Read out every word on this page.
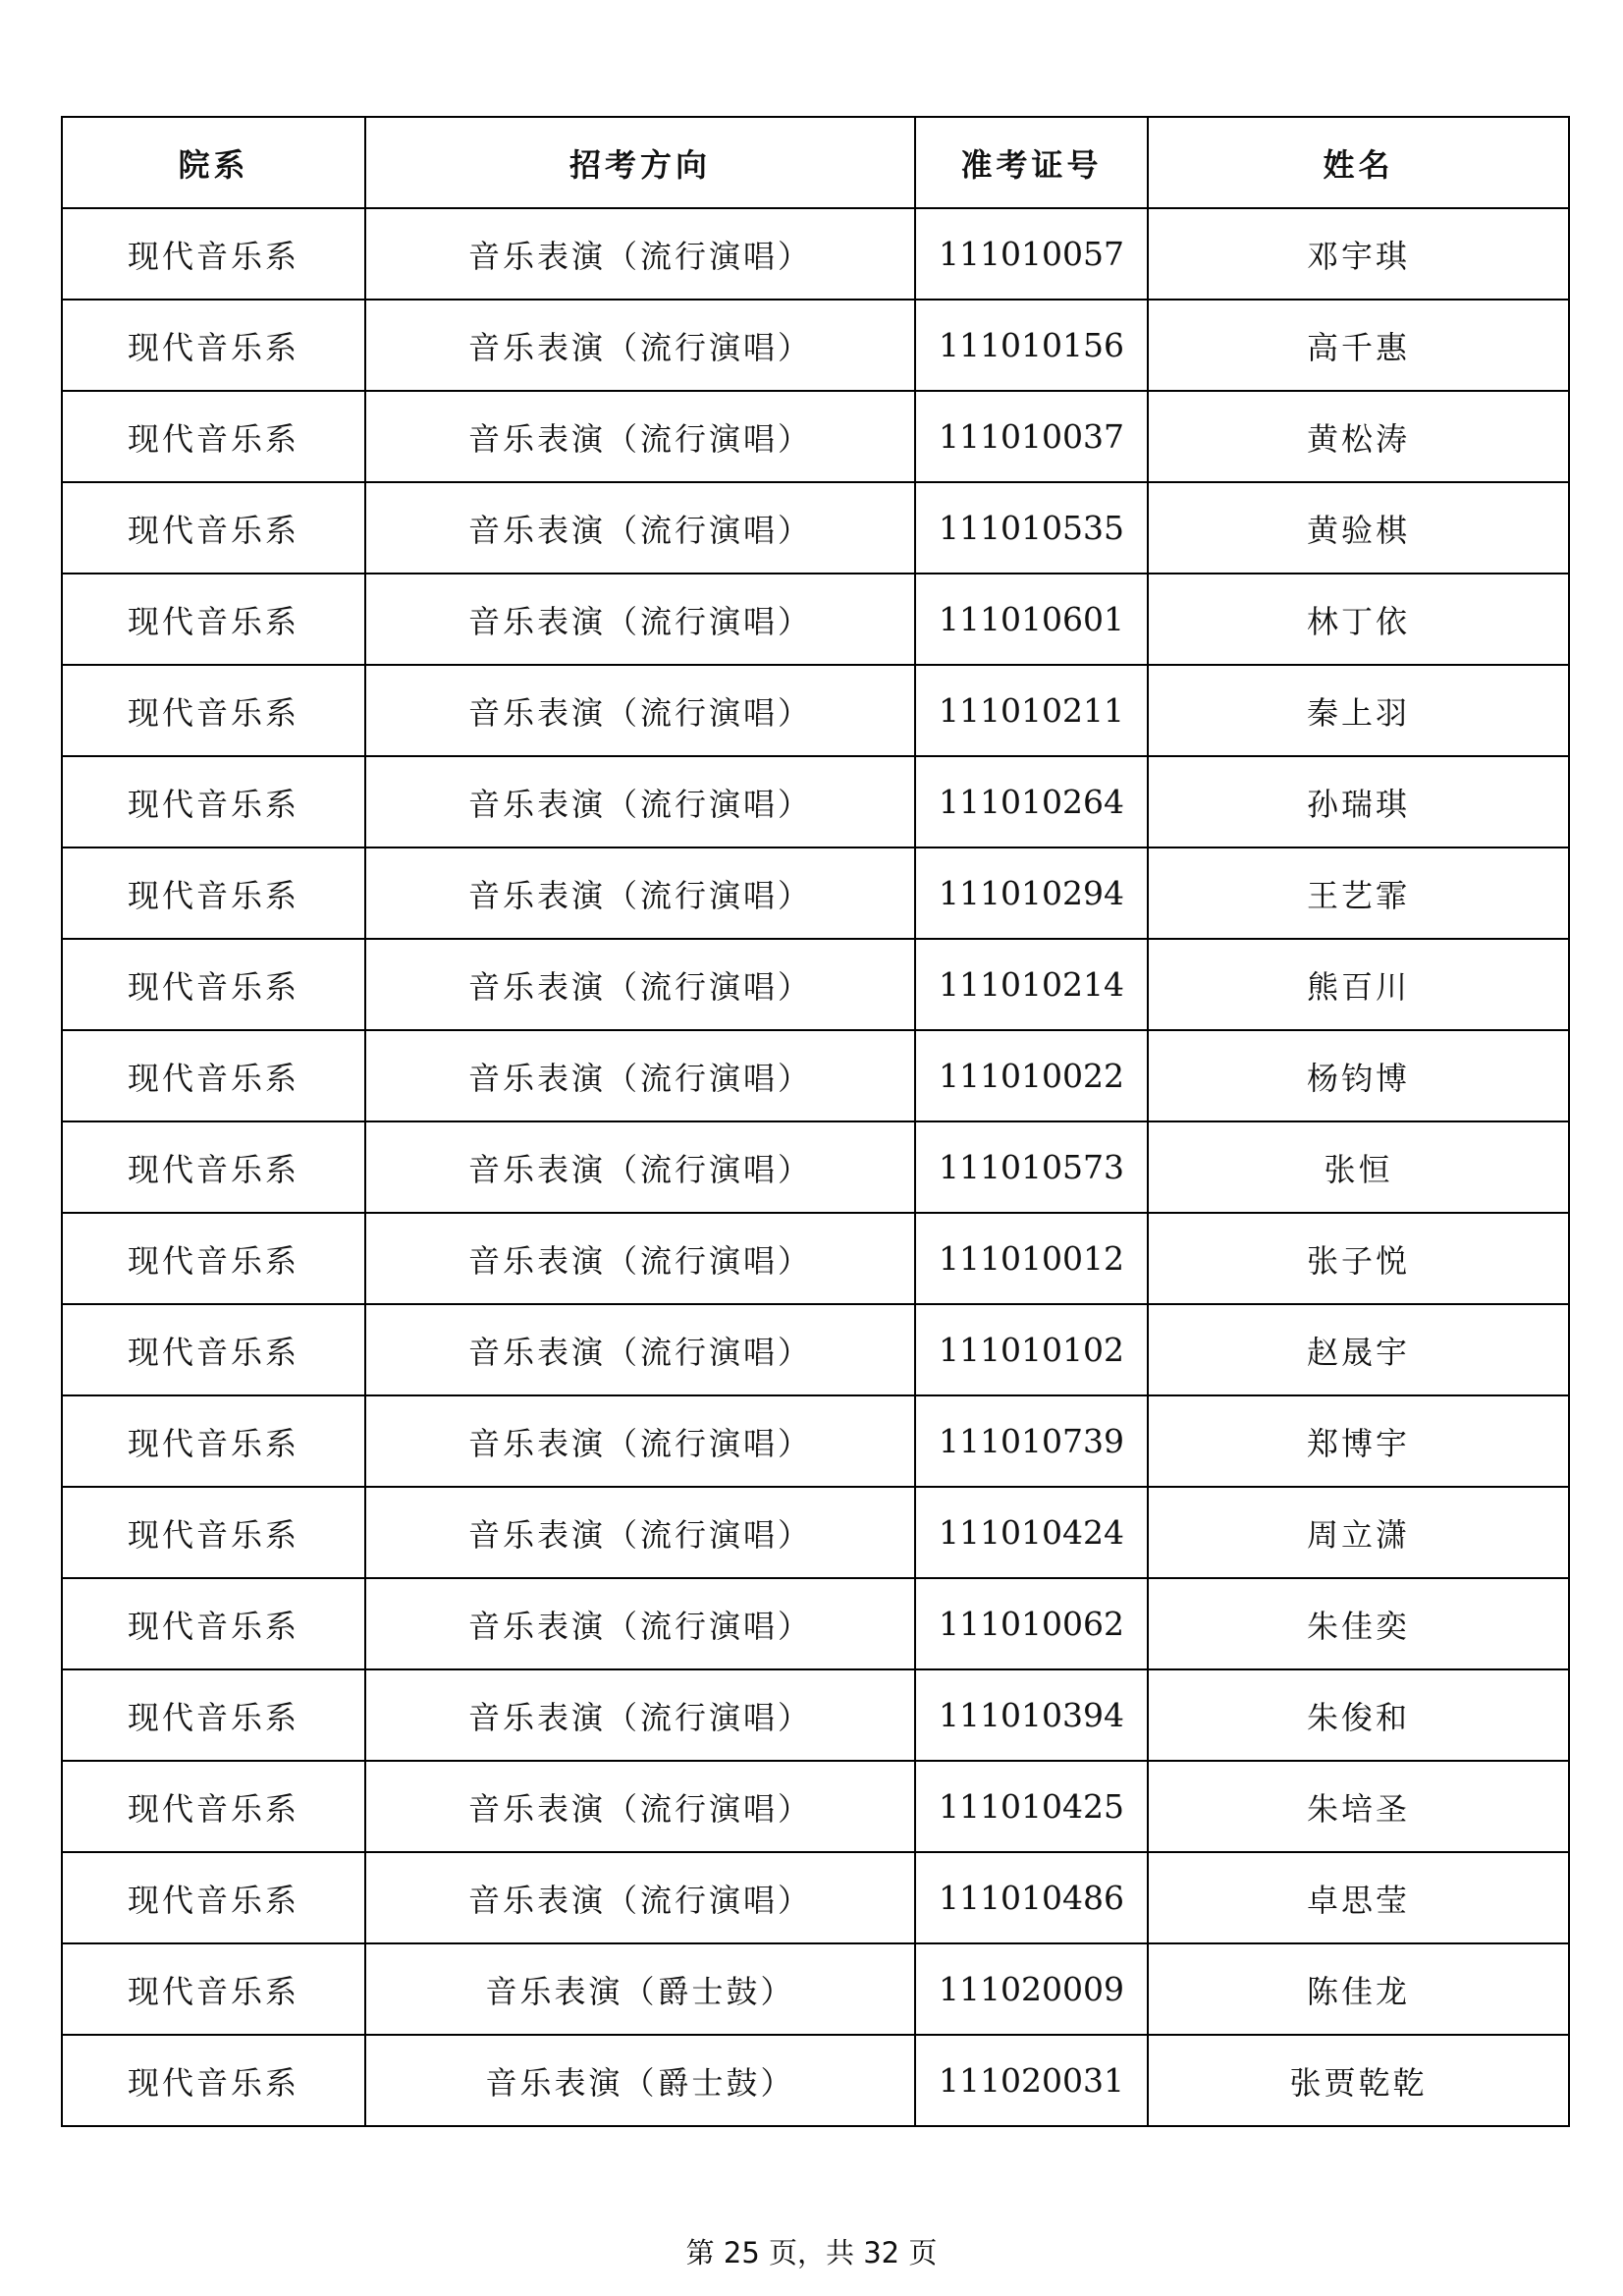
院系	招考方向	准考证号	姓名
现代音乐系	音乐表演（流行演唱）	111010057	邓宇琪
现代音乐系	音乐表演（流行演唱）	111010156	高千惠
现代音乐系	音乐表演（流行演唱）	111010037	黄松涛
现代音乐系	音乐表演（流行演唱）	111010535	黄验棋
现代音乐系	音乐表演（流行演唱）	111010601	林丁依
现代音乐系	音乐表演（流行演唱）	111010211	秦上羽
现代音乐系	音乐表演（流行演唱）	111010264	孙瑞琪
现代音乐系	音乐表演（流行演唱）	111010294	王艺霏
现代音乐系	音乐表演（流行演唱）	111010214	熊百川
现代音乐系	音乐表演（流行演唱）	111010022	杨钧博
现代音乐系	音乐表演（流行演唱）	111010573	张恒
现代音乐系	音乐表演（流行演唱）	111010012	张子悦
现代音乐系	音乐表演（流行演唱）	111010102	赵晟宇
现代音乐系	音乐表演（流行演唱）	111010739	郑博宇
现代音乐系	音乐表演（流行演唱）	111010424	周立潇
现代音乐系	音乐表演（流行演唱）	111010062	朱佳奕
现代音乐系	音乐表演（流行演唱）	111010394	朱俊和
现代音乐系	音乐表演（流行演唱）	111010425	朱培圣
现代音乐系	音乐表演（流行演唱）	111010486	卓思莹
现代音乐系	音乐表演（爵士鼓）	111020009	陈佳龙
现代音乐系	音乐表演（爵士鼓）	111020031	张贾乾乾
第 25 页，共 32 页
